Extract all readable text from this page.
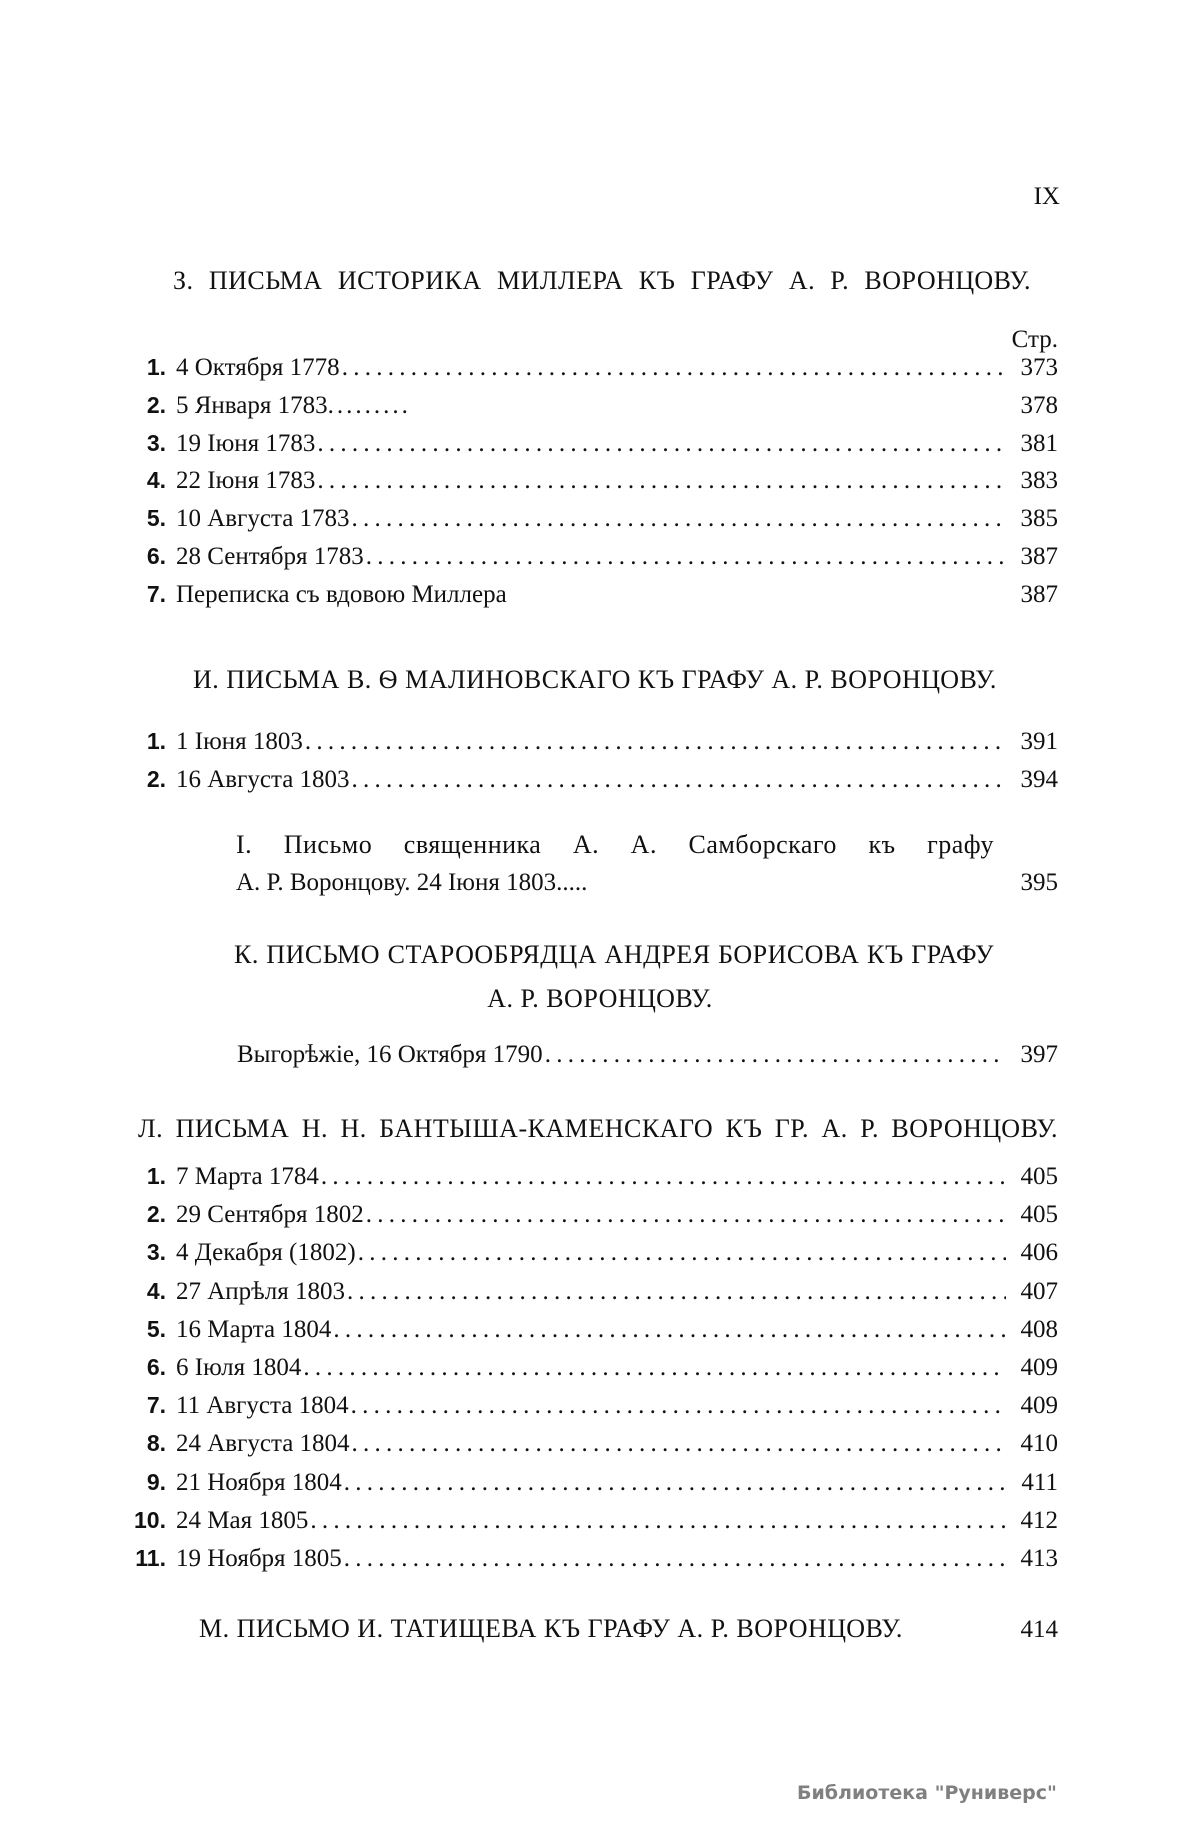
IX
З. ПИСЬМА ИСТОРИКА МИЛЛЕРА КЪ ГРАФУ А. Р. ВОРОНЦОВУ.
Стр.
1. 4 Октября 1778 . . .	373
2. 5 Января 1783 .........	378
3. 19 Іюня 1783 . . .	381
4. 22 Іюня 1783 . . .	383
5. 10 Августа 1783 . . .	385
6. 28 Сентября 1783 . . .	387
7. Переписка съ вдовою Миллера	387
И. ПИСЬМА В. Ѳ МАЛИНОВСКАГО КЪ ГРАФУ А. Р. ВОРОНЦОВУ.
1. 1 Іюня 1803 . . .	391
2. 16 Августа 1803 . . .	394
І. Письмо священника А. А. Самборскаго къ графу
А. Р. Воронцову. 24 Іюня 1803.....	395
К. ПИСЬМО СТАРООБРЯДЦА АНДРЕЯ БОРИСОВА КЪ ГРАФУ
А. Р. ВОРОНЦОВУ.
Выгорѣжіе, 16 Октября 1790 . . .	397
Л. ПИСЬМА Н. Н. БАНТЫША-КАМЕНСКАГО КЪ ГР. А. Р. ВОРОНЦОВУ.
1. 7 Марта 1784 . . .	405
2. 29 Сентября 1802 . . .	405
3. 4 Декабря (1802) . . .	406
4. 27 Апрѣля 1803 . . .	407
5. 16 Марта 1804 . . .	408
6. 6 Іюля 1804 . . .	409
7. 11 Августа 1804 . . .	409
8. 24 Августа 1804 . . .	410
9. 21 Ноября 1804 . . .	411
10. 24 Мая 1805 . . .	412
11. 19 Ноября 1805 . . .	413
М. ПИСЬМО И. ТАТИЩЕВА КЪ ГРАФУ А. Р. ВОРОНЦОВУ.	414
Библиотека "Руниверс"
